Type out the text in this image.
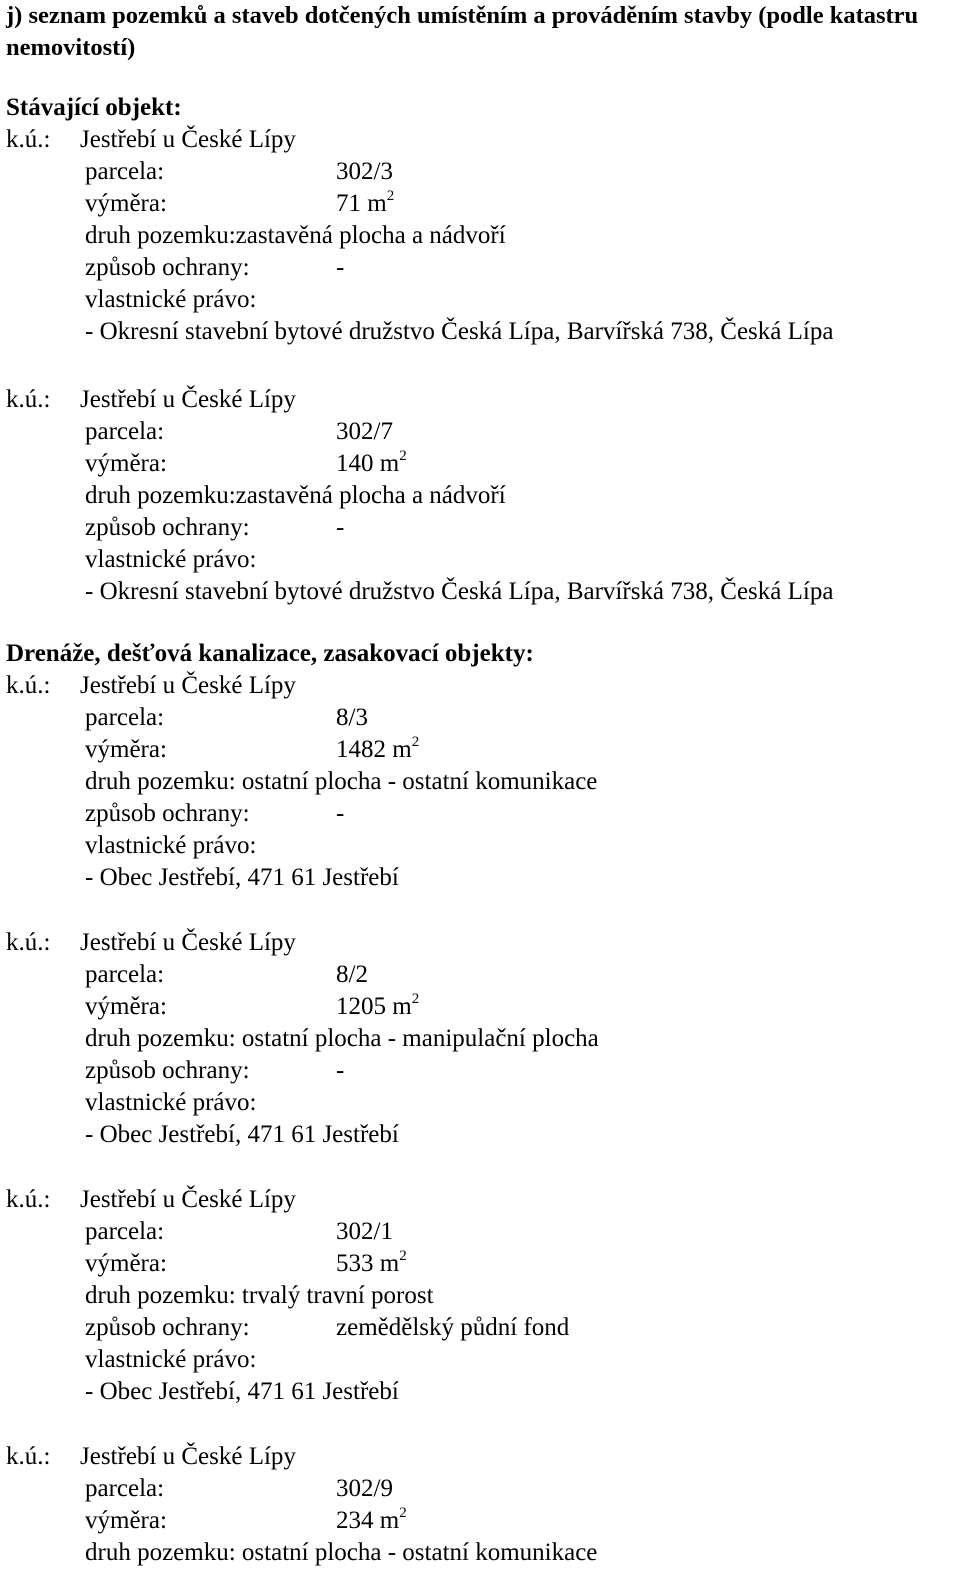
j) seznam pozemků a staveb dotčených umístěním a prováděním stavby (podle katastru nemovitostí)
Stávající objekt:
k.ú.: Jestřebí u České Lípy
parcela:	302/3
výměra:	71 $m^2$
druh pozemku:zastavěná plocha a nádvoří
způsob ochrany:	-
vlastnické právo:
- Okresní stavební bytové družstvo Česká Lípa, Barvířská 738, Česká Lípa
k.ú.: Jestřebí u České Lípy
parcela:	302/7
výměra:	140 $m^2$
druh pozemku:zastavěná plocha a nádvoří
způsob ochrany:	-
vlastnické právo:
- Okresní stavební bytové družstvo Česká Lípa, Barvířská 738, Česká Lípa
Drenáže, dešťová kanalizace, zasakovací objekty:
k.ú.: Jestřebí u České Lípy
parcela:	8/3
výměra:	1482 $m^2$
druh pozemku: ostatní plocha - ostatní komunikace
způsob ochrany:	-
vlastnické právo:
- Obec Jestřebí, 471 61 Jestřebí
k.ú.: Jestřebí u České Lípy
parcela:	8/2
výměra:	1205 $m^2$
druh pozemku: ostatní plocha - manipulační plocha
způsob ochrany:	-
vlastnické právo:
- Obec Jestřebí, 471 61 Jestřebí
k.ú.: Jestřebí u České Lípy
parcela:	302/1
výměra:	533 $m^2$
druh pozemku: trvalý travní porost
způsob ochrany:	zemědělský půdní fond
vlastnické právo:
- Obec Jestřebí, 471 61 Jestřebí
k.ú.: Jestřebí u České Lípy
parcela:	302/9
výměra:	234 $m^2$
druh pozemku: ostatní plocha - ostatní komunikace
